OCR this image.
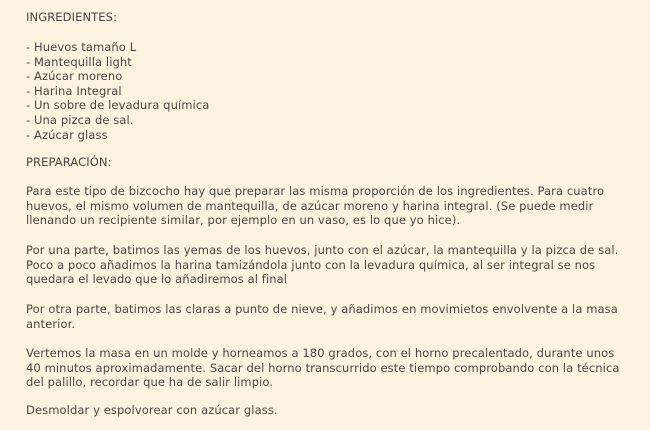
INGREDIENTES:
- Huevos tamaño L
- Mantequilla light
- Azúcar moreno
- Harina Integral
- Un sobre de levadura química
- Una pizca de sal.
- Azúcar glass
PREPARACIÓN:

Para este tipo de bizcocho hay que preparar las misma proporción de los ingredientes. Para cuatro huevos, el mismo volumen de mantequilla, de azúcar moreno y harina integral. (Se puede medir llenando un recipiente similar, por ejemplo en un vaso, es lo que yo hice).

Por una parte, batimos las yemas de los huevos, junto con el azúcar, la mantequilla y la pizca de sal. Poco a poco añadimos la harina tamizándola junto con la levadura química, al ser integral se nos quedara el levado que lo añadiremos al final

Por otra parte, batimos las claras a punto de nieve, y añadimos en movimietos envolvente a la masa anterior.

Vertemos la masa en un molde y horneamos a 180 grados, con el horno precalentado, durante unos 40 minutos aproximadamente. Sacar del horno transcurrido este tiempo comprobando con la técnica del palillo, recordar que ha de salir limpio.

Desmoldar y espolvorear con azúcar glass.
